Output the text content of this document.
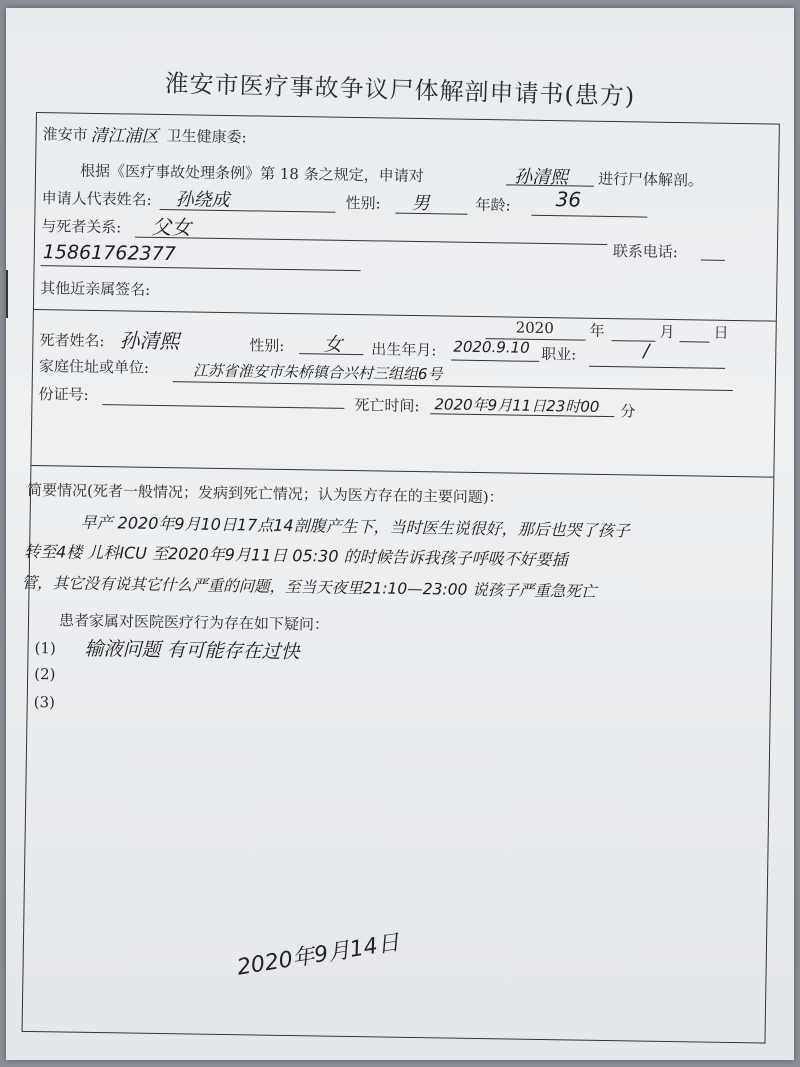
淮安市医疗事故争议尸体解剖申请书(患方)
淮安市 清江浦区 卫生健康委:
根据《医疗事故处理条例》第 18 条之规定，申请对	孙清熙 进行尸体解剖。
申请人代表姓名: 孙绕成	性别: 男	年龄: 36
与死者关系: 父女
联系电话:
15861762377
其他近亲属签名:
2020 年	月	日
死者姓名: 孙清熙	性别: 女 出生年月: 2020.9.10 职业:	/
家庭住址或单位:	江苏省淮安市朱桥镇合兴村三组组6号
份证号:
死亡时间: 2020年9月11日23时00 分
简要情况(死者一般情况；发病到死亡情况；认为医方存在的主要问题)：
早产 2020年9月10日17点14剖腹产生下，当时医生说很好，那后也哭了孩子
转至4楼 儿科ICU 至2020年9月11日 05:30 的时候告诉我孩子呼吸不好要插
管，其它没有说其它什么严重的问题，至当天夜里21:10—23:00 说孩子严重急死亡
患者家属对医院医疗行为存在如下疑问：
(1) 输液问题 有可能存在过快
(2)
(3)
2020年9月14日
